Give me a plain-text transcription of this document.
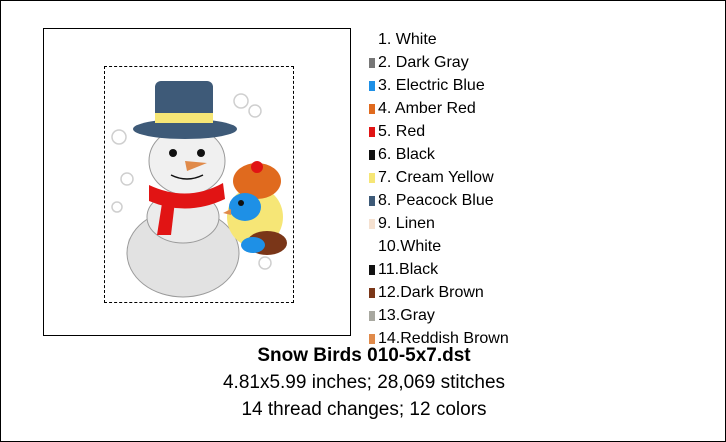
1. White
2. Dark Gray
3. Electric Blue
4. Amber Red
5. Red
6. Black
7. Cream Yellow
8. Peacock Blue
9. Linen
10.White
11.Black
12.Dark Brown
13.Gray
14.Reddish Brown
Snow Birds 010-5x7.dst
4.81x5.99 inches; 28,069 stitches
14 thread changes; 12 colors
